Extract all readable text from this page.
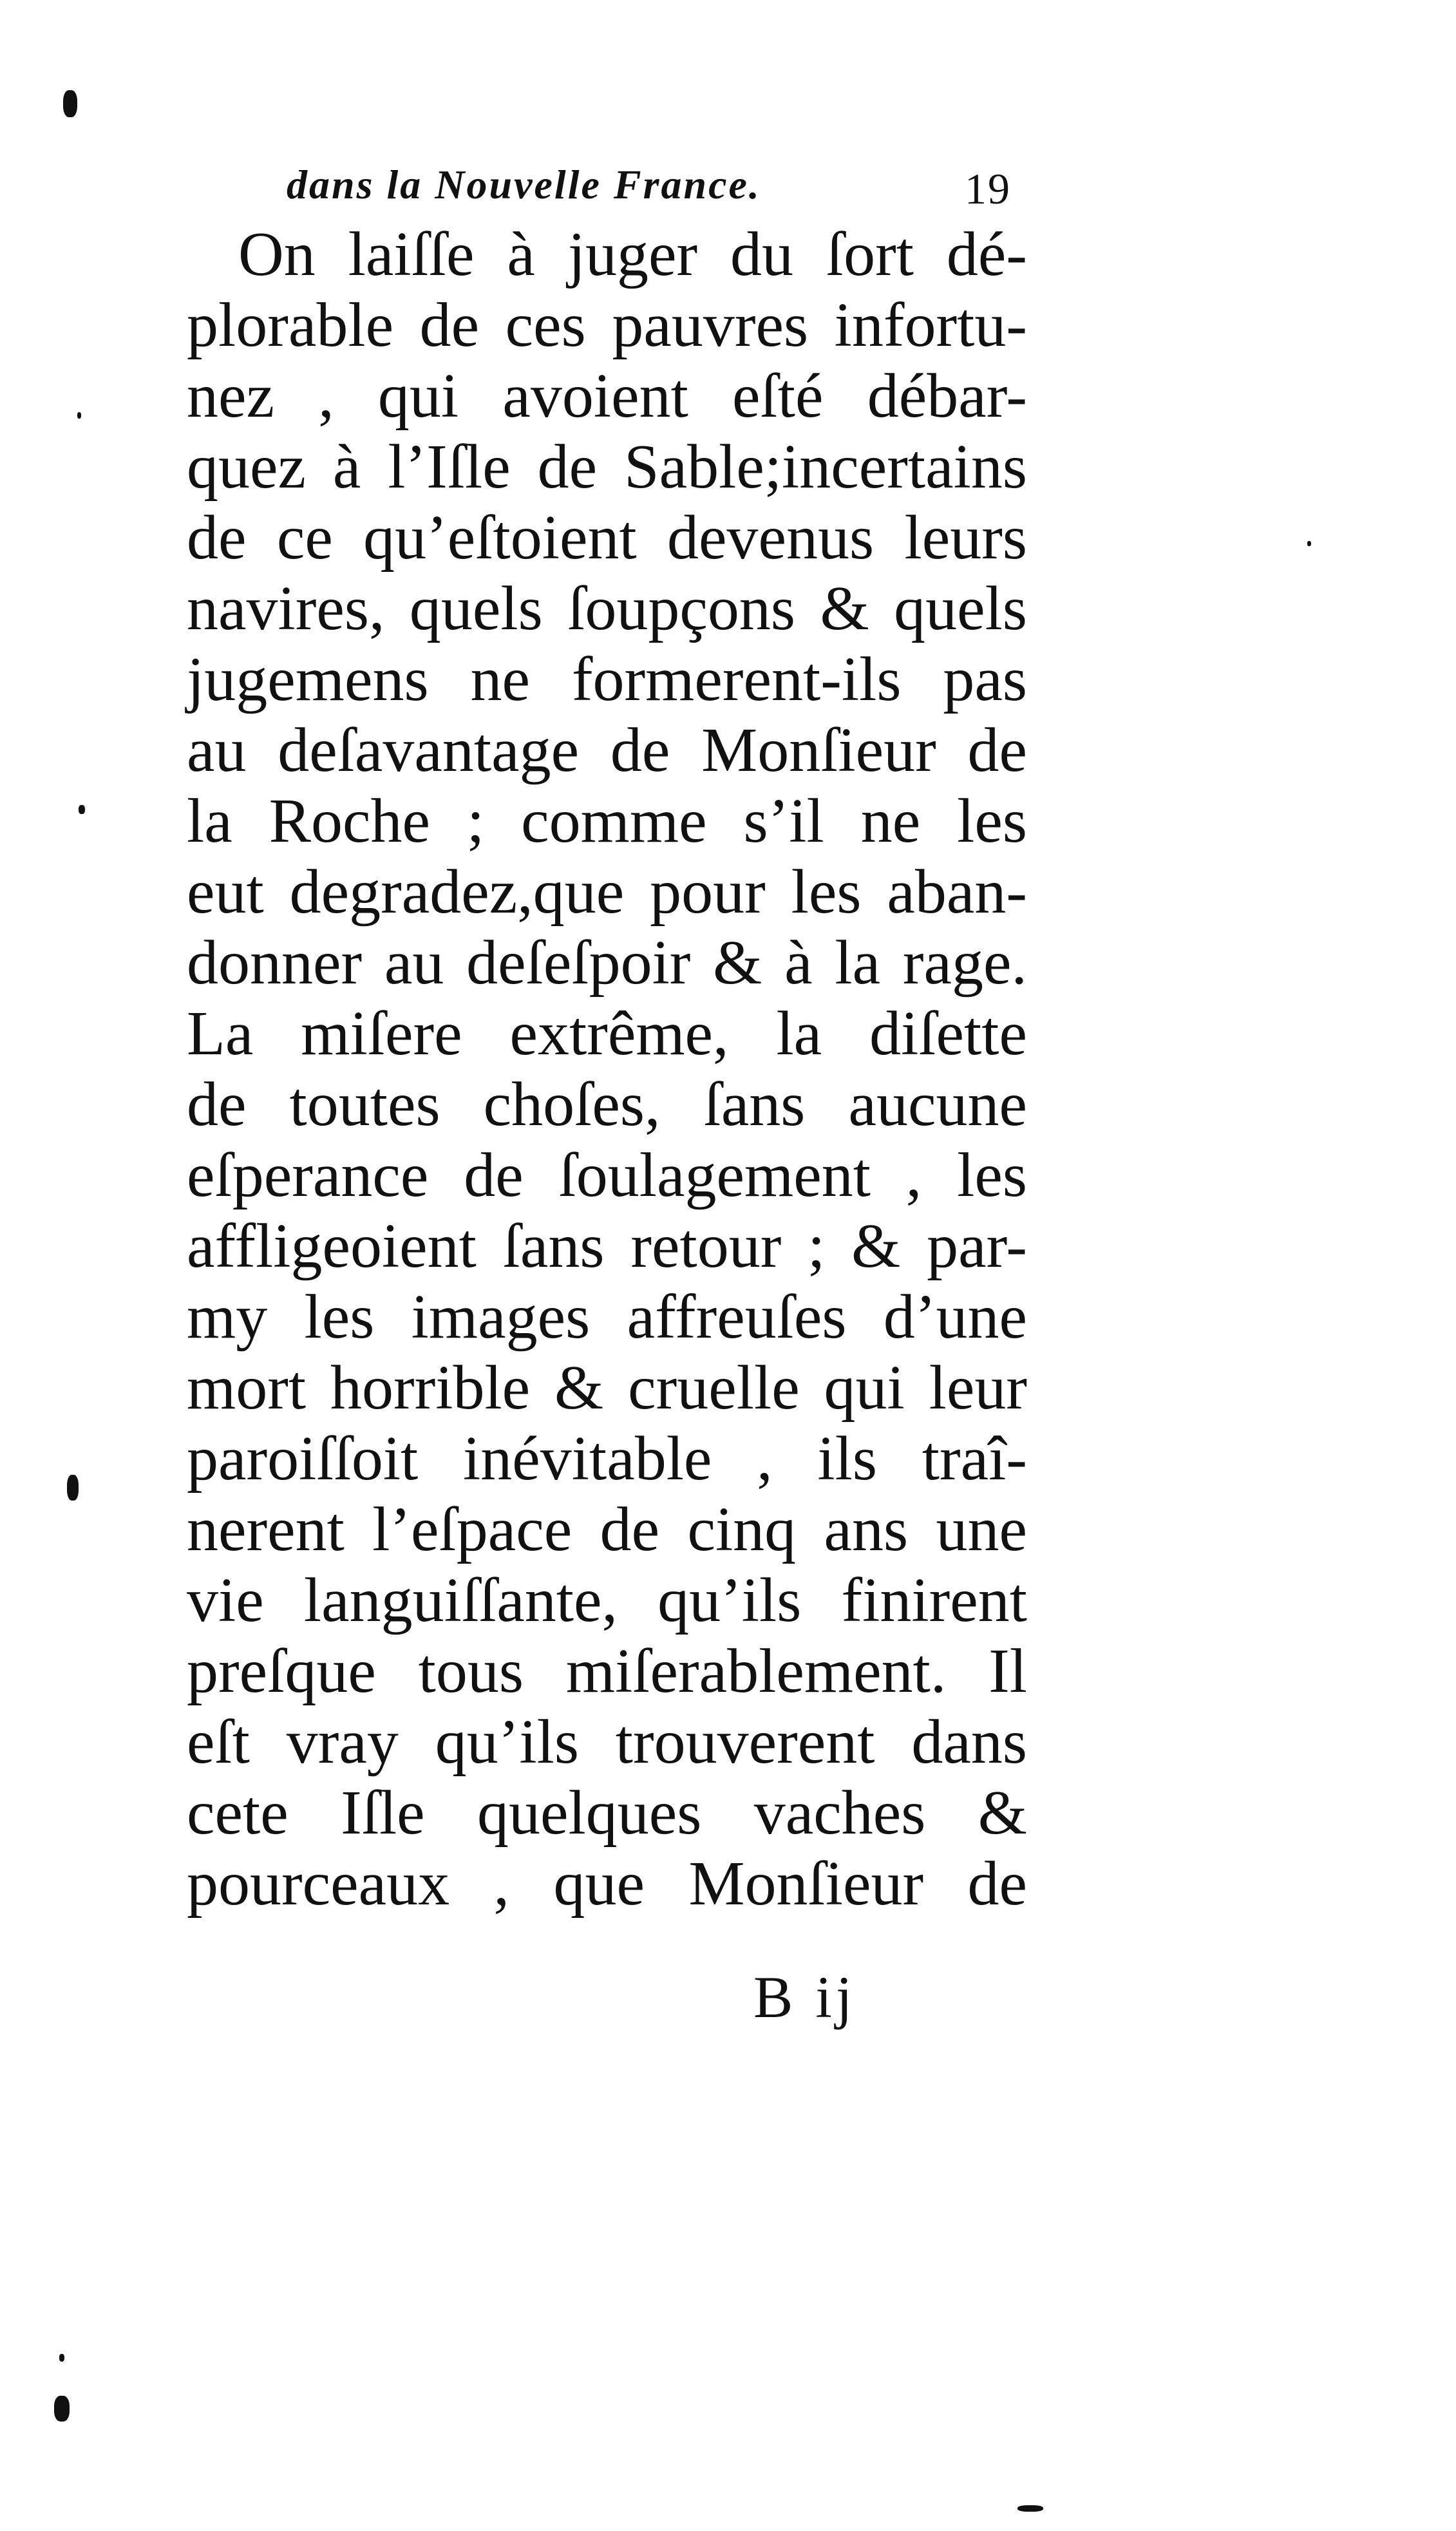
dans la Nouvelle France.	19
On laiſſe à juger du ſort dé-
plorable de ces pauvres infortu-
nez , qui avoient eſté débar-
quez à l’Iſle de Sable;incertains
de ce qu’eſtoient devenus leurs
navires, quels ſoupçons & quels
jugemens ne formerent-ils pas
au deſavantage de Monſieur de
la Roche ; comme s’il ne les
eut degradez,que pour les aban-
donner au deſeſpoir & à la rage.
La miſere extrême, la diſette
de toutes choſes, ſans aucune
eſperance de ſoulagement , les
affligeoient ſans retour ; & par-
my les images affreuſes d’une
mort horrible & cruelle qui leur
paroiſſoit inévitable , ils traî-
nerent l’eſpace de cinq ans une
vie languiſſante, qu’ils finirent
preſque tous miſerablement. Il
eſt vray qu’ils trouverent dans
cete Iſle quelques vaches &
pourceaux , que Monſieur de
B ij
